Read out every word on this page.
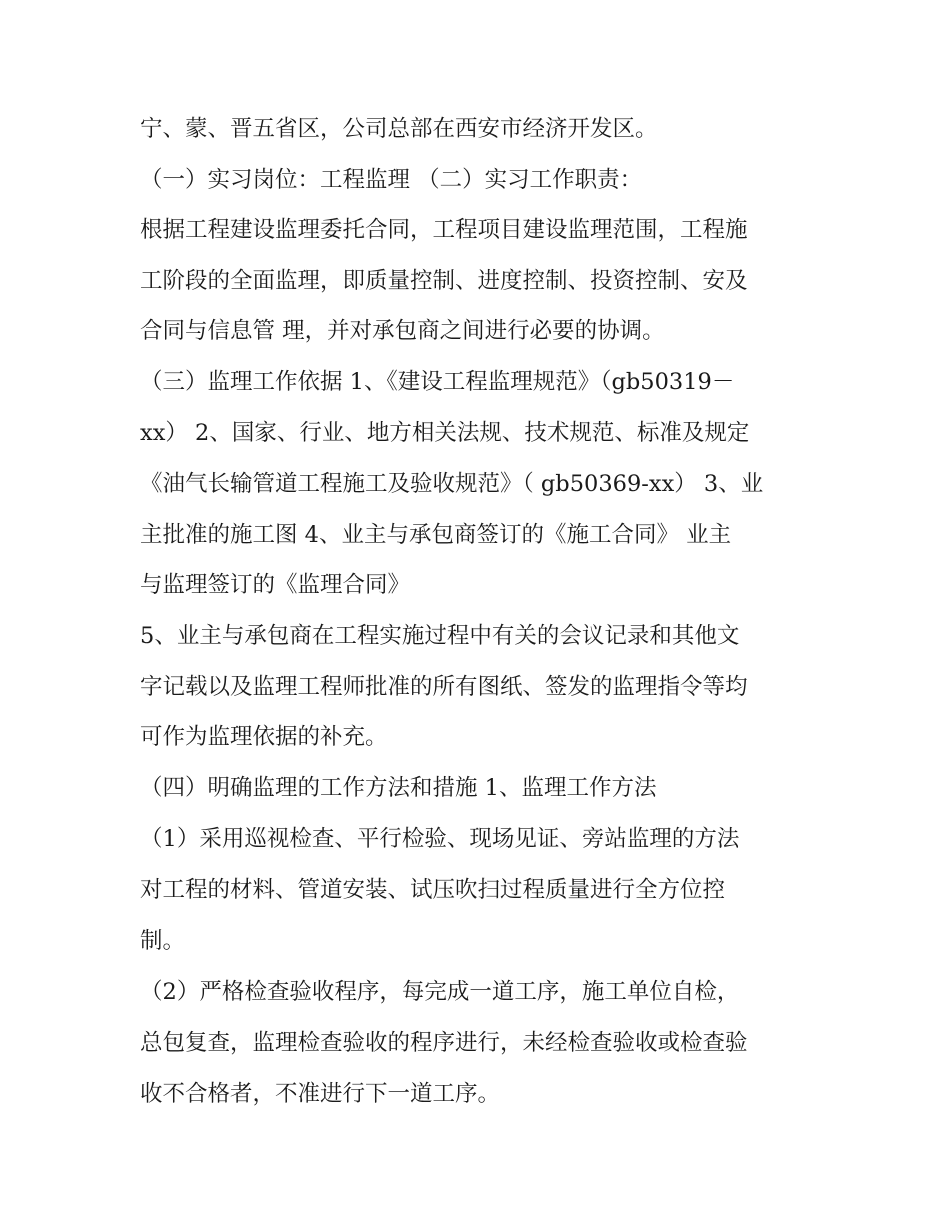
宁、蒙、晋五省区，公司总部在西安市经济开发区。

（一）实习岗位：工程监理 （二）实习工作职责：

根据工程建设监理委托合同，工程项目建设监理范围，工程施

工阶段的全面监理，即质量控制、进度控制、投资控制、安及

合同与信息管 理，并对承包商之间进行必要的协调。

（三）监理工作依据 1、《建设工程监理规范》（gb50319－

xx） 2、国家、行业、地方相关法规、技术规范、标准及规定

《油气长输管道工程施工及验收规范》（ gb50369-xx） 3、业

主批准的施工图 4、业主与承包商签订的《施工合同》 业主

与监理签订的《监理合同》

5、业主与承包商在工程实施过程中有关的会议记录和其他文

字记载以及监理工程师批准的所有图纸、签发的监理指令等均

可作为监理依据的补充。

（四）明确监理的工作方法和措施 1、监理工作方法

（1）采用巡视检查、平行检验、现场见证、旁站监理的方法

对工程的材料、管道安装、试压吹扫过程质量进行全方位控

制。

（2）严格检查验收程序，每完成一道工序，施工单位自检，

总包复查，监理检查验收的程序进行，未经检查验收或检查验

收不合格者，不准进行下一道工序。
